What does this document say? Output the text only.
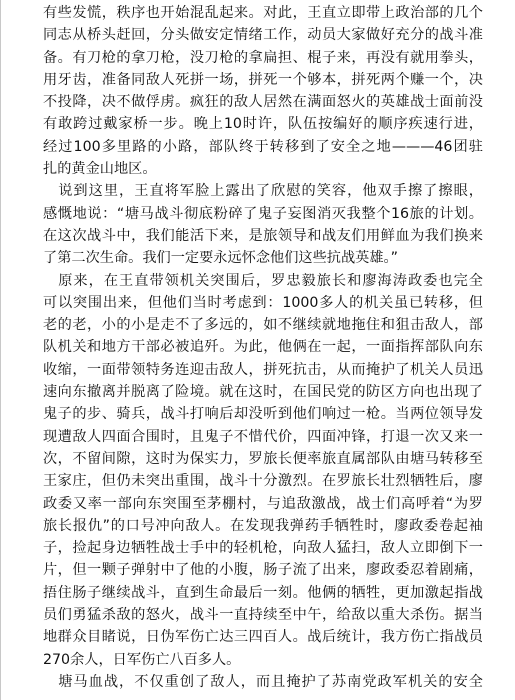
有些发慌，秩序也开始混乱起来。对此，王直立即带上政治部的几个
同志从桥头赶回，分头做安定情绪工作，动员大家做好充分的战斗准
备。有刀枪的拿刀枪，没刀枪的拿扁担、棍子来，再没有就用拳头，
用牙齿，准备同敌人死拼一场，拼死一个够本，拼死两个赚一个，决
不投降，决不做俘虏。疯狂的敌人居然在满面怒火的英雄战士面前没
有敢跨过戴家桥一步。晚上10时许，队伍按编好的顺序疾速行进，
经过100多里路的小路，部队终于转移到了安全之地———46团驻
扎的黄金山地区。

　说到这里，王直将军脸上露出了欣慰的笑容，他双手擦了擦眼，
感慨地说：“塘马战斗彻底粉碎了鬼子妄图消灭我整个16旅的计划。
在这次战斗中，我们能活下来，是旅领导和战友们用鲜血为我们换来
了第二次生命。我们一定要永远怀念他们这些抗战英雄。”

　原来，在王直带领机关突围后，罗忠毅旅长和廖海涛政委也完全
可以突围出来，但他们当时考虑到：1000多人的机关虽已转移，但
老的老，小的小是走不了多远的，如不继续就地拖住和狙击敌人，部
队机关和地方干部必被追歼。为此，他俩在一起，一面指挥部队向东
收缩，一面带领特务连迎击敌人，拼死抗击，从而掩护了机关人员迅
速向东撤离并脱离了险境。就在这时，在国民党的防区方向也出现了
鬼子的步、骑兵，战斗打响后却没听到他们响过一枪。当两位领导发
现遭敌人四面合围时，且鬼子不惜代价，四面冲锋，打退一次又来一
次，不留间隙，这时为保实力，罗旅长便率旅直属部队由塘马转移至
王家庄，但仍未突出重围，战斗十分激烈。在罗旅长壮烈牺牲后，廖
政委又率一部向东突围至茅棚村，与追敌激战，战士们高呼着“为罗
旅长报仇”的口号冲向敌人。在发现我弹药手牺牲时，廖政委卷起袖
子，捡起身边牺牲战士手中的轻机枪，向敌人猛扫，敌人立即倒下一
片，但一颗子弹射中了他的小腹，肠子流了出来，廖政委忍着剧痛，
捂住肠子继续战斗，直到生命最后一刻。他俩的牺牲，更加激起指战
员们勇猛杀敌的怒火，战斗一直持续至中午，给敌以重大杀伤。据当
地群众目睹说，日伪军伤亡达三四百人。战后统计，我方伤亡指战员
270余人，日军伤亡八百多人。

　塘马血战，不仅重创了敌人，而且掩护了苏南党政军机关的安全
